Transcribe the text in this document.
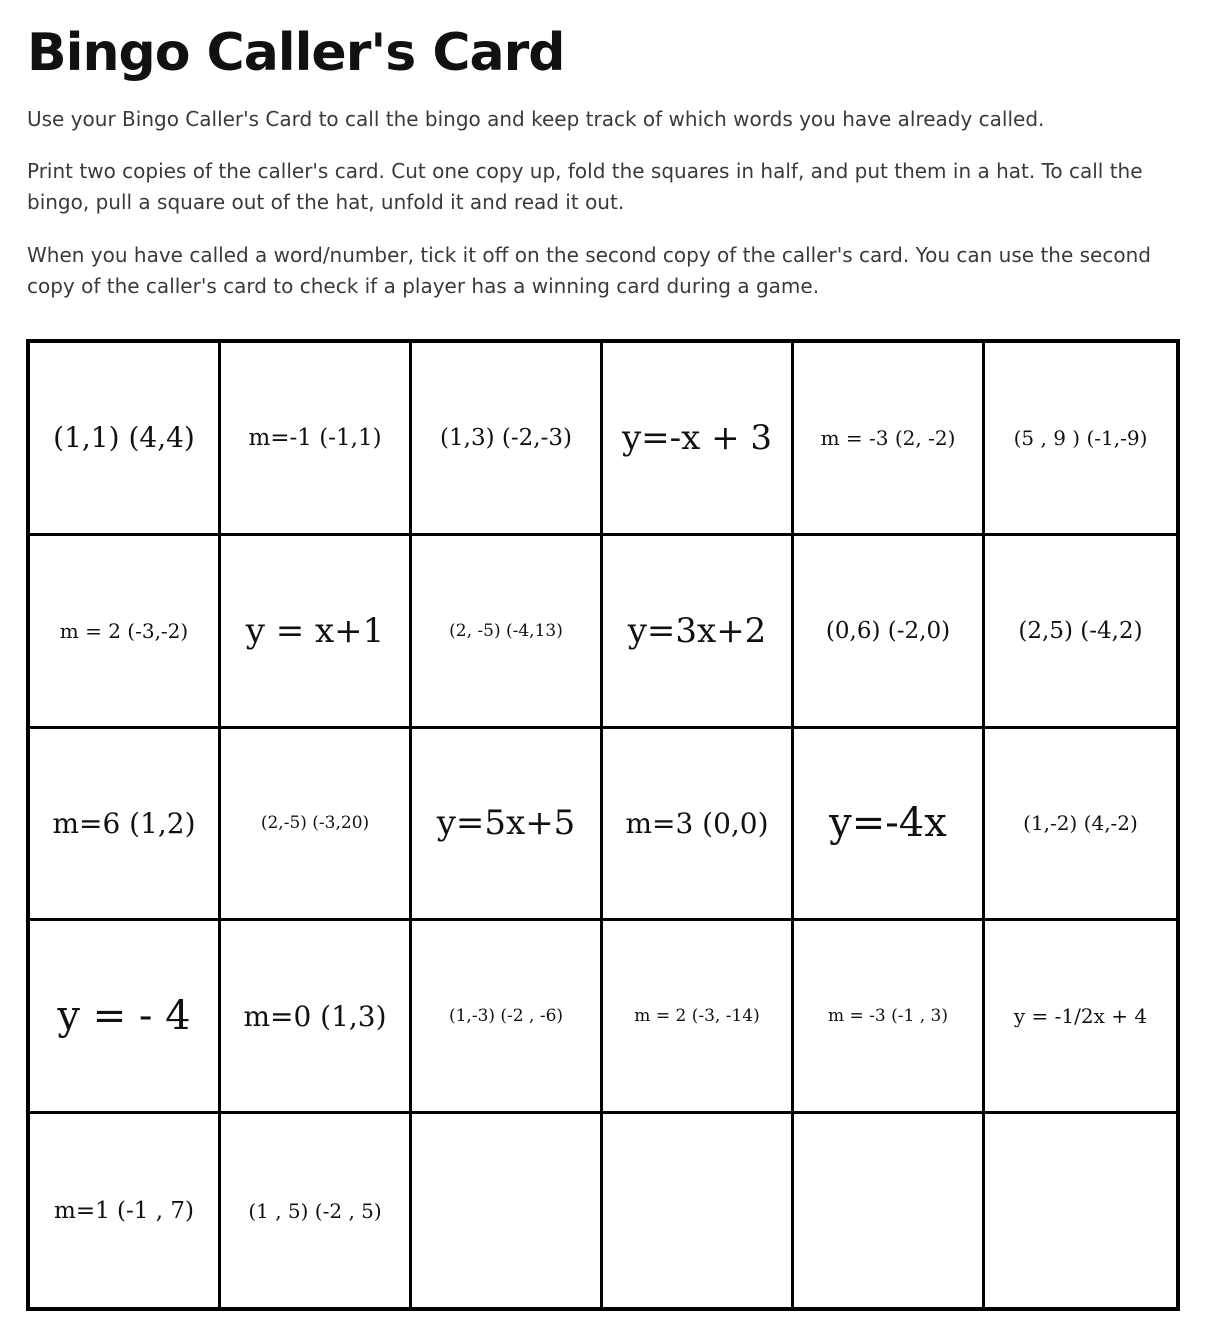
Bingo Caller's Card

Use your Bingo Caller's Card to call the bingo and keep track of which words you have already called.

Print two copies of the caller's card. Cut one copy up, fold the squares in half, and put them in a hat. To call the bingo, pull a square out of the hat, unfold it and read it out.

When you have called a word/number, tick it off on the second copy of the caller's card. You can use the second copy of the caller's card to check if a player has a winning card during a game.

(1,1) (4,4)	m=-1 (-1,1)	(1,3) (-2,-3)	y=-x + 3	m = -3 (2, -2)	(5 , 9 ) (-1,-9)
m = 2 (-3,-2)	y = x+1	(2, -5) (-4,13)	y=3x+2	(0,6) (-2,0)	(2,5) (-4,2)
m=6 (1,2)	(2,-5) (-3,20)	y=5x+5	m=3 (0,0)	y=-4x	(1,-2) (4,-2)
y = - 4	m=0 (1,3)	(1,-3) (-2 , -6)	m = 2 (-3, -14)	m = -3 (-1 , 3)	y = -1/2x + 4
m=1 (-1 , 7)	(1 , 5) (-2 , 5)
